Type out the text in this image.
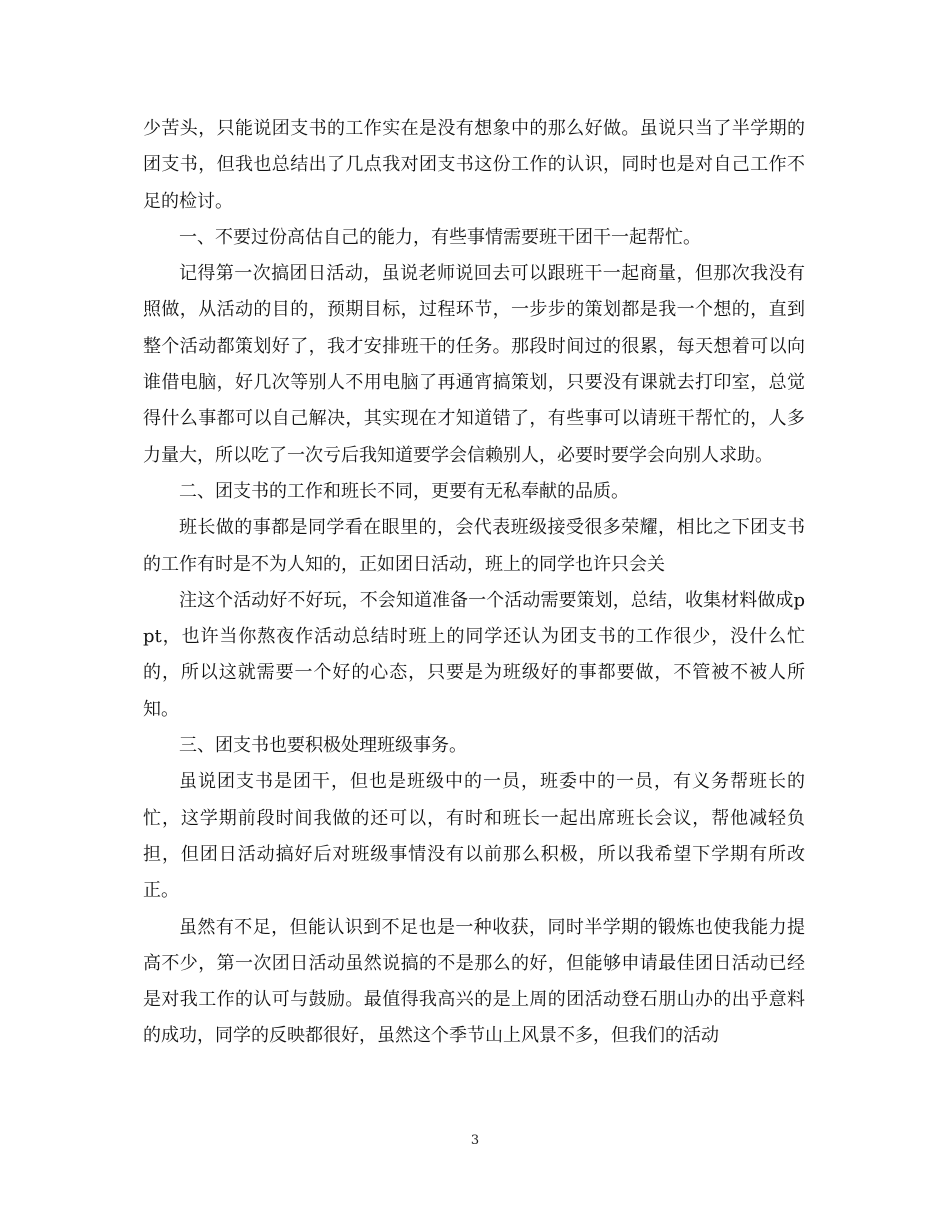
少苦头，只能说团支书的工作实在是没有想象中的那么好做。虽说只当了半学期的团支书，但我也总结出了几点我对团支书这份工作的认识，同时也是对自己工作不足的检讨。

一、不要过份高估自己的能力，有些事情需要班干团干一起帮忙。

记得第一次搞团日活动，虽说老师说回去可以跟班干一起商量，但那次我没有照做，从活动的目的，预期目标，过程环节，一步步的策划都是我一个想的，直到整个活动都策划好了，我才安排班干的任务。那段时间过的很累，每天想着可以向谁借电脑，好几次等别人不用电脑了再通宵搞策划，只要没有课就去打印室，总觉得什么事都可以自己解决，其实现在才知道错了，有些事可以请班干帮忙的，人多力量大，所以吃了一次亏后我知道要学会信赖别人，必要时要学会向别人求助。

二、团支书的工作和班长不同，更要有无私奉献的品质。

班长做的事都是同学看在眼里的，会代表班级接受很多荣耀，相比之下团支书的工作有时是不为人知的，正如团日活动，班上的同学也许只会关

注这个活动好不好玩，不会知道准备一个活动需要策划，总结，收集材料做成ppt，也许当你熬夜作活动总结时班上的同学还认为团支书的工作很少，没什么忙的，所以这就需要一个好的心态，只要是为班级好的事都要做，不管被不被人所知。

三、团支书也要积极处理班级事务。

虽说团支书是团干，但也是班级中的一员，班委中的一员，有义务帮班长的忙，这学期前段时间我做的还可以，有时和班长一起出席班长会议，帮他减轻负担，但团日活动搞好后对班级事情没有以前那么积极，所以我希望下学期有所改正。

虽然有不足，但能认识到不足也是一种收获，同时半学期的锻炼也使我能力提高不少，第一次团日活动虽然说搞的不是那么的好，但能够申请最佳团日活动已经是对我工作的认可与鼓励。最值得我高兴的是上周的团活动登石朋山办的出乎意料的成功，同学的反映都很好，虽然这个季节山上风景不多，但我们的活动

3
